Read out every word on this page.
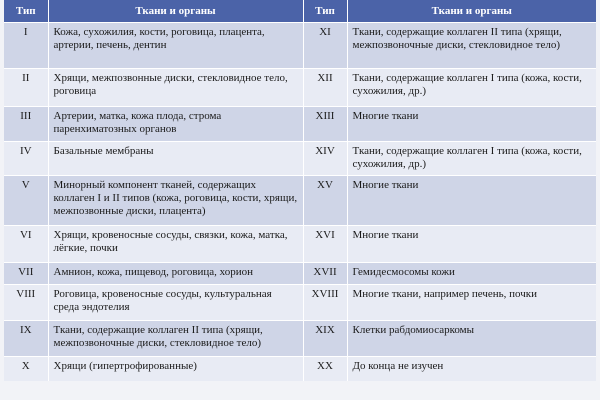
Тип	Ткани и органы	Тип	Ткани и органы
I	Кожа, сухожилия, кости, роговица, плацента, артерии, печень, дентин	XI	Ткани, содержащие коллаген II типа (хрящи, межпозвоночные диски, стекловидное тело)
II	Хрящи, межпозвонные диски, стекловидное тело, роговица	XII	Ткани, содержащие коллаген I типа (кожа, кости, сухожилия, др.)
III	Артерии, матка, кожа плода, строма паренхиматозных органов	XIII	Многие ткани
IV	Базальные мембраны	XIV	Ткани, содержащие коллаген I типа (кожа, кости, сухожилия, др.)
V	Минорный компонент тканей, содержащих коллаген I и II типов (кожа, роговица, кости, хрящи, межпозвонные диски, плацента)	XV	Многие ткани
VI	Хрящи, кровеносные сосуды, связки, кожа, матка, лёгкие, почки	XVI	Многие ткани
VII	Амнион, кожа, пищевод, роговица, хорион	XVII	Гемидесмосомы кожи
VIII	Роговица, кровеносные сосуды, культуральная среда эндотелия	XVIII	Многие ткани, например печень, почки
IX	Ткани, содержащие коллаген II типа (хрящи, межпозвоночные диски, стекловидное тело)	XIX	Клетки рабдомиосаркомы
X	Хрящи (гипертрофированные)	XX	До конца не изучен
